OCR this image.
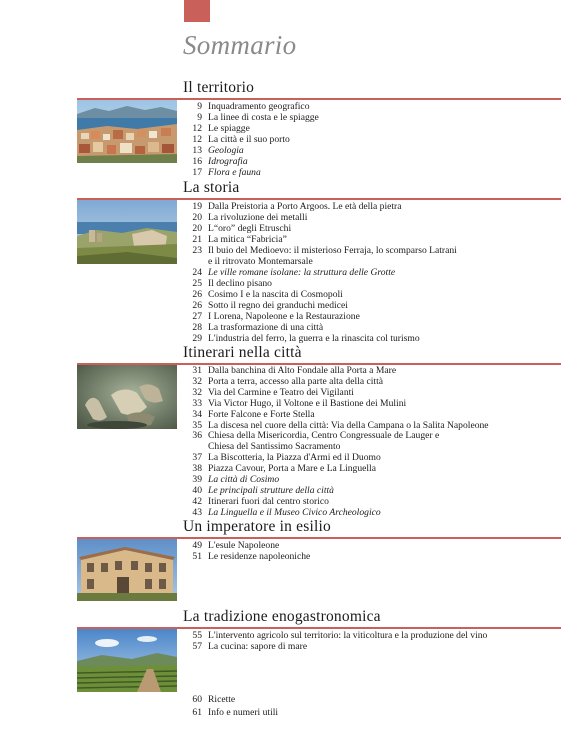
Sommario
Il territorio
9 Inquadramento geografico
9 La linee di costa e le spiagge
12 Le spiagge
12 La città e il suo porto
13 Geologia
16 Idrografia
17 Flora e fauna
La storia
19 Dalla Preistoria a Porto Argoos. Le età della pietra
20 La rivoluzione dei metalli
20 L“oro” degli Etruschi
21 La mitica “Fabricia”
23 Il buio del Medioevo: il misterioso Ferraja, lo scomparso Latrani
e il ritrovato Montemarsale
24 Le ville romane isolane: la struttura delle Grotte
25 Il declino pisano
26 Cosimo I e la nascita di Cosmopoli
26 Sotto il regno dei granduchi medicei
27 I Lorena, Napoleone e la Restaurazione
28 La trasformazione di una città
29 L'industria del ferro, la guerra e la rinascita col turismo
Itinerari nella città
31 Dalla banchina di Alto Fondale alla Porta a Mare
32 Porta a terra, accesso alla parte alta della città
32 Via del Carmine e Teatro dei Vigilanti
33 Via Victor Hugo, il Voltone e il Bastione dei Mulini
34 Forte Falcone e Forte Stella
35 La discesa nel cuore della città: Via della Campana o la Salita Napoleone
36 Chiesa della Misericordia, Centro Congressuale de Lauger e
Chiesa del Santissimo Sacramento
37 La Biscotteria, la Piazza d'Armi ed il Duomo
38 Piazza Cavour, Porta a Mare e La Linguella
39 La città di Cosimo
40 Le principali strutture della città
42 Itinerari fuori dal centro storico
43 La Linguella e il Museo Civico Archeologico
Un imperatore in esilio
49 L'esule Napoleone
51 Le residenze napoleoniche
La tradizione enogastronomica
55 L'intervento agricolo sul territorio: la viticoltura e la produzione del vino
57 La cucina: sapore di mare
60 Ricette
61 Info e numeri utili
